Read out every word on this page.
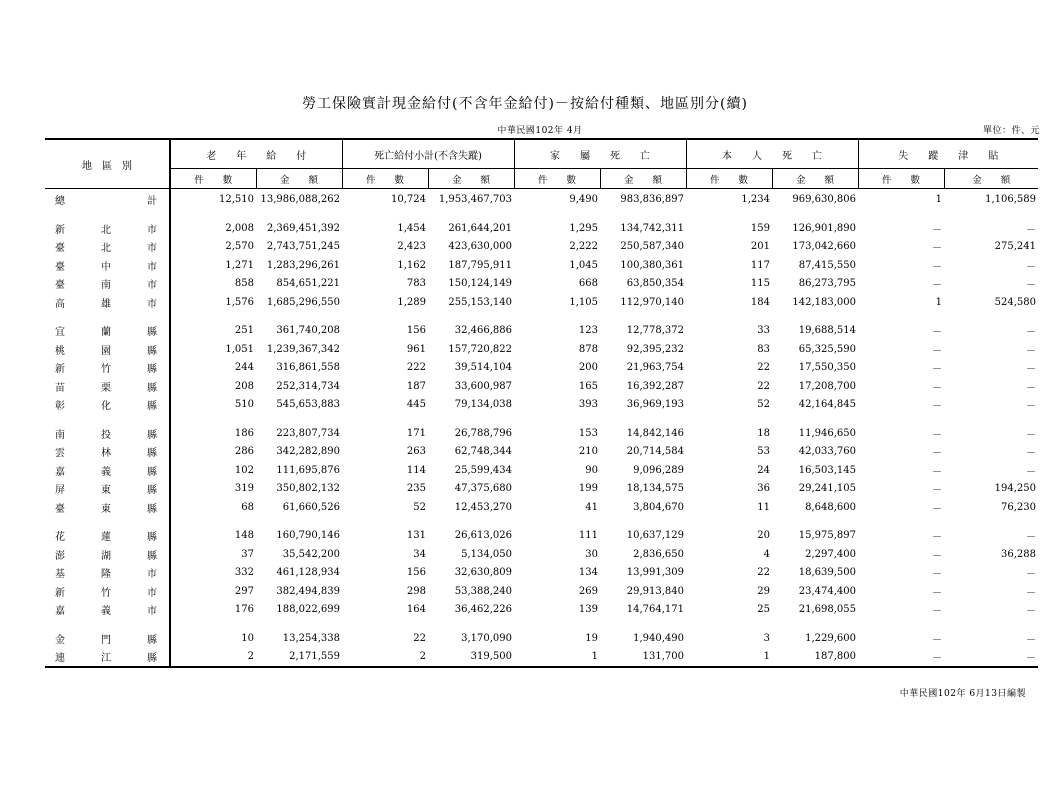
勞工保險實計現金給付(不含年金給付)－按給付種類、地區別分(續)
中華民國102年 4月	單位：件、元
地　區　別	老　　年　　給　　付		死亡給付小計(不含失蹤)		家　　屬　　死　　亡		本　　人　　死　　亡		失　　蹤　　津　　貼	
	件　　數	金　　額	件　　數	金　　額	件　　數	金　　額	件　　數	金　　額	件　　數	金　　額
總 計	12,510	13,986,088,262	10,724	1,953,467,703	9,490	983,836,897	1,234	969,630,806	1	1,106,589

新 北 市	2,008	2,369,451,392	1,454	261,644,201	1,295	134,742,311	159	126,901,890	－	－
臺 北 市	2,570	2,743,751,245	2,423	423,630,000	2,222	250,587,340	201	173,042,660	－	275,241
臺 中 市	1,271	1,283,296,261	1,162	187,795,911	1,045	100,380,361	117	87,415,550	－	－
臺 南 市	858	854,651,221	783	150,124,149	668	63,850,354	115	86,273,795	－	－
高 雄 市	1,576	1,685,296,550	1,289	255,153,140	1,105	112,970,140	184	142,183,000	1	524,580

宜 蘭 縣	251	361,740,208	156	32,466,886	123	12,778,372	33	19,688,514	－	－
桃 園 縣	1,051	1,239,367,342	961	157,720,822	878	92,395,232	83	65,325,590	－	－
新 竹 縣	244	316,861,558	222	39,514,104	200	21,963,754	22	17,550,350	－	－
苗 栗 縣	208	252,314,734	187	33,600,987	165	16,392,287	22	17,208,700	－	－
彰 化 縣	510	545,653,883	445	79,134,038	393	36,969,193	52	42,164,845	－	－

南 投 縣	186	223,807,734	171	26,788,796	153	14,842,146	18	11,946,650	－	－
雲 林 縣	286	342,282,890	263	62,748,344	210	20,714,584	53	42,033,760	－	－
嘉 義 縣	102	111,695,876	114	25,599,434	90	9,096,289	24	16,503,145	－	－
屏 東 縣	319	350,802,132	235	47,375,680	199	18,134,575	36	29,241,105	－	194,250
臺 東 縣	68	61,660,526	52	12,453,270	41	3,804,670	11	8,648,600	－	76,230

花 蓮 縣	148	160,790,146	131	26,613,026	111	10,637,129	20	15,975,897	－	－
澎 湖 縣	37	35,542,200	34	5,134,050	30	2,836,650	4	2,297,400	－	36,288
基 隆 市	332	461,128,934	156	32,630,809	134	13,991,309	22	18,639,500	－	－
新 竹 市	297	382,494,839	298	53,388,240	269	29,913,840	29	23,474,400	－	－
嘉 義 市	176	188,022,699	164	36,462,226	139	14,764,171	25	21,698,055	－	－

金 門 縣	10	13,254,338	22	3,170,090	19	1,940,490	3	1,229,600	－	－
連 江 縣	2	2,171,559	2	319,500	1	131,700	1	187,800	－	－
中華民國102年 6月13日編製
